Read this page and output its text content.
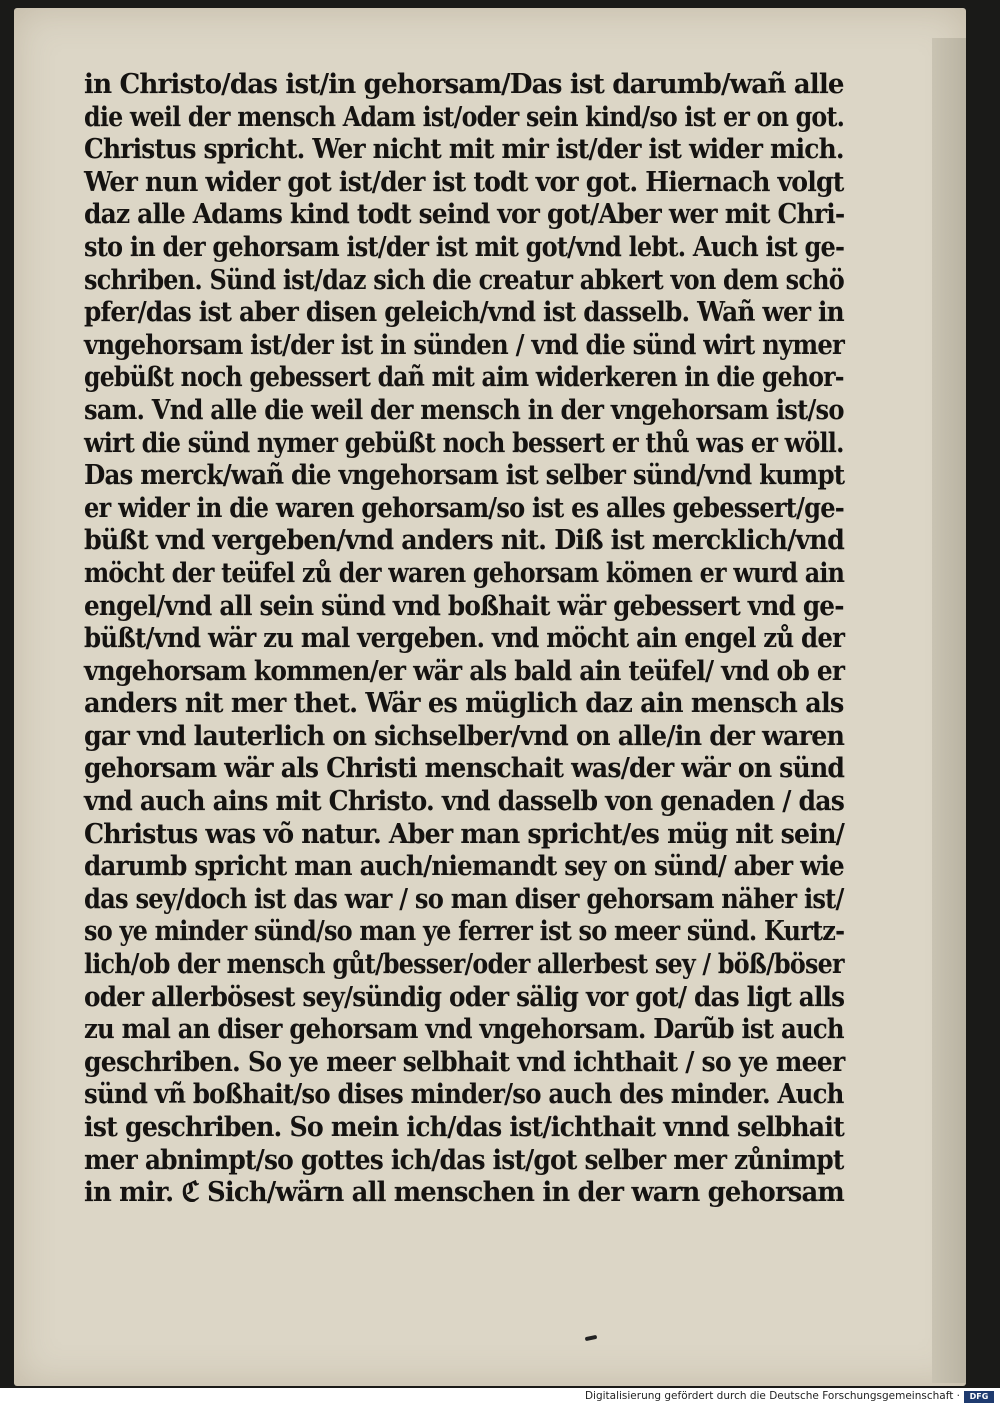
in Christo/das ist/in gehorsam/Das ist darumb/wañ alle
die weil der mensch Adam ist/oder sein kind/so ist er on got.
Christus spricht. Wer nicht mit mir ist/der ist wider mich.
Wer nun wider got ist/der ist todt vor got. Hiernach volgt
daz alle Adams kind todt seind vor got/Aber wer mit Chri-
sto in der gehorsam ist/der ist mit got/vnd lebt. Auch ist ge-
schriben. Sünd ist/daz sich die creatur abkert von dem schö
pfer/das ist aber disen geleich/vnd ist dasselb. Wañ wer in
vngehorsam ist/der ist in sünden / vnd die sünd wirt nymer
gebüßt noch gebessert dañ mit aim widerkeren in die gehor-
sam. Vnd alle die weil der mensch in der vngehorsam ist/so
wirt die sünd nymer gebüßt noch bessert er thů was er wöll.
Das merck/wañ die vngehorsam ist selber sünd/vnd kumpt
er wider in die waren gehorsam/so ist es alles gebessert/ge-
büßt vnd vergeben/vnd anders nit. Diß ist mercklich/vnd
möcht der teüfel zů der waren gehorsam kömen er wurd ain
engel/vnd all sein sünd vnd boßhait wär gebessert vnd ge-
büßt/vnd wär zu mal vergeben. vnd möcht ain engel zů der
vngehorsam kommen/er wär als bald ain teüfel/ vnd ob er
anders nit mer thet. Wär es müglich daz ain mensch als
gar vnd lauterlich on sichselber/vnd on alle/in der waren
gehorsam wär als Christi menschait was/der wär on sünd
vnd auch ains mit Christo. vnd dasselb von genaden / das
Christus was võ natur. Aber man spricht/es müg nit sein/
darumb spricht man auch/niemandt sey on sünd/ aber wie
das sey/doch ist das war / so man diser gehorsam näher ist/
so ye minder sünd/so man ye ferrer ist so meer sünd. Kurtz-
lich/ob der mensch gůt/besser/oder allerbest sey / böß/böser
oder allerbösest sey/sündig oder sälig vor got/ das ligt alls
zu mal an diser gehorsam vnd vngehorsam. Darũb ist auch
geschriben. So ye meer selbhait vnd ichthait / so ye meer
sünd vñ boßhait/so dises minder/so auch des minder. Auch
ist geschriben. So mein ich/das ist/ichthait vnnd selbhait
mer abnimpt/so gottes ich/das ist/got selber mer zůnimpt
in mir. ℭ Sich/wärn all menschen in der warn gehorsam
Digitalisierung gefördert durch die Deutsche Forschungsgemeinschaft ·	DFG
